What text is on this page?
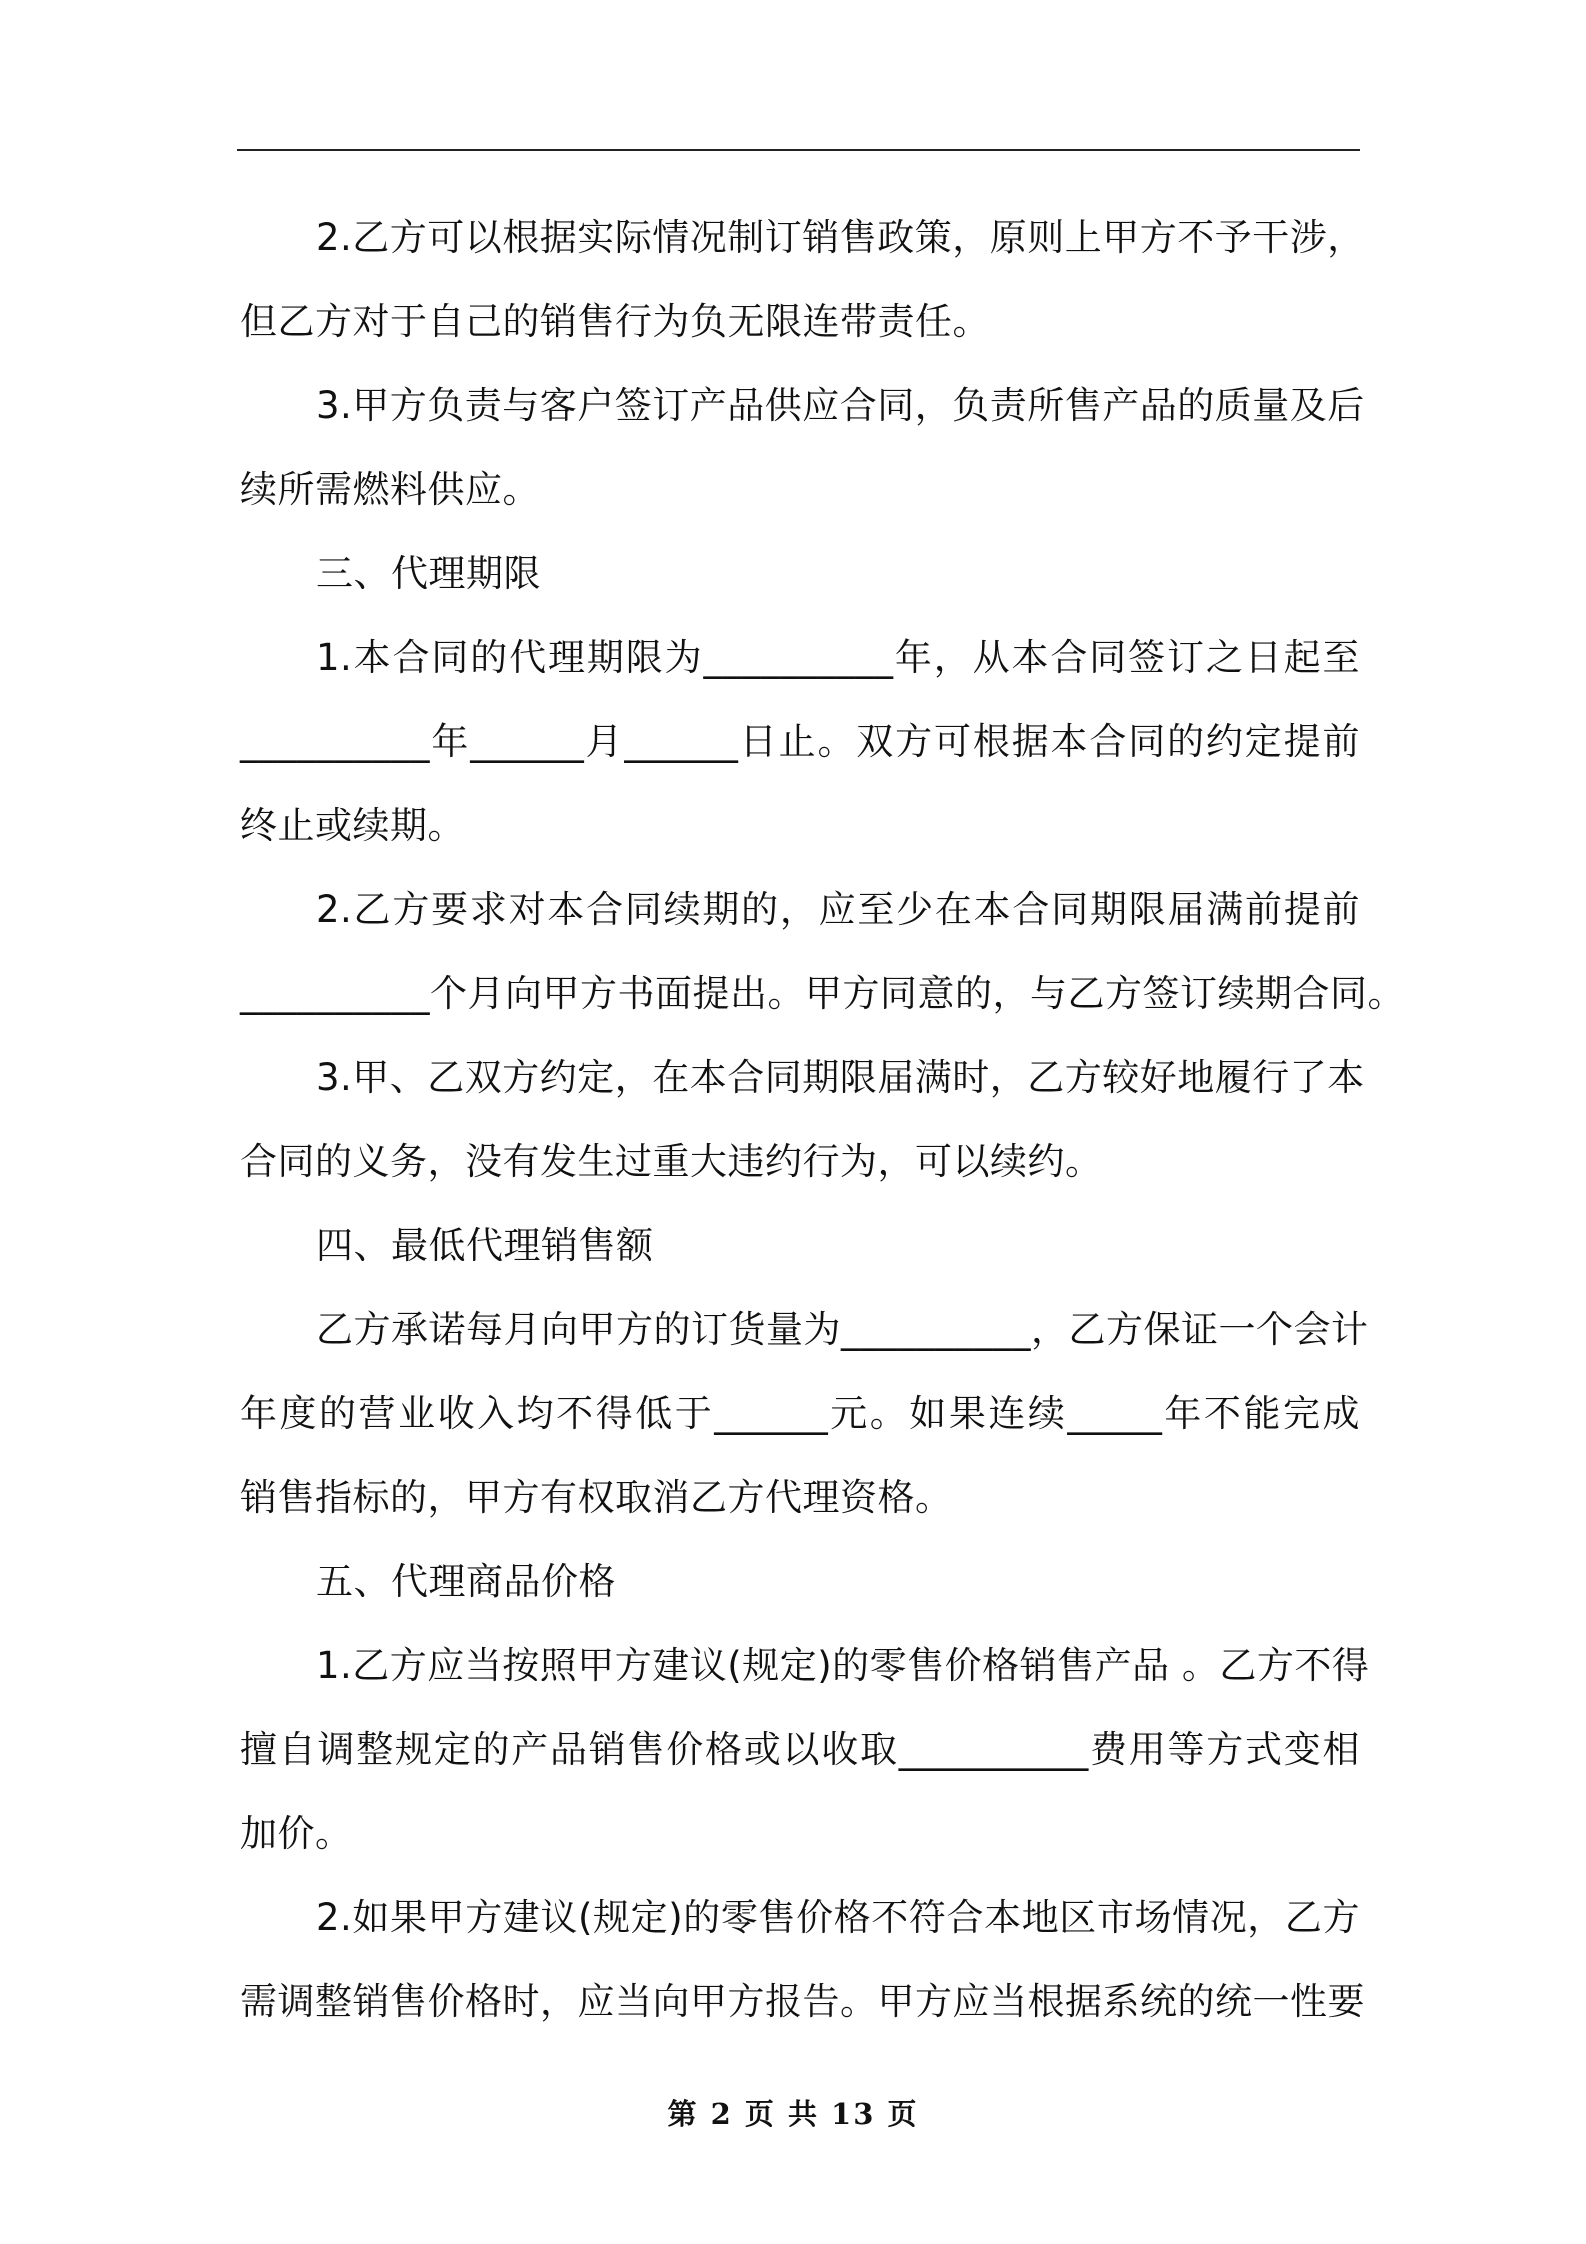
2.乙方可以根据实际情况制订销售政策，原则上甲方不予干涉，
但乙方对于自己的销售行为负无限连带责任。
3.甲方负责与客户签订产品供应合同，负责所售产品的质量及后
续所需燃料供应。
三、代理期限
1.本合同的代理期限为__________年，从本合同签订之日起至
__________年______月______日止。双方可根据本合同的约定提前
终止或续期。
2.乙方要求对本合同续期的，应至少在本合同期限届满前提前
__________个月向甲方书面提出。甲方同意的，与乙方签订续期合同。
3.甲、乙双方约定，在本合同期限届满时，乙方较好地履行了本
合同的义务，没有发生过重大违约行为，可以续约。
四、最低代理销售额
乙方承诺每月向甲方的订货量为__________，乙方保证一个会计
年度的营业收入均不得低于______元。如果连续_____年不能完成
销售指标的，甲方有权取消乙方代理资格。
五、代理商品价格
1.乙方应当按照甲方建议(规定)的零售价格销售产品 。乙方不得
擅自调整规定的产品销售价格或以收取__________费用等方式变相
加价。
2.如果甲方建议(规定)的零售价格不符合本地区市场情况，乙方
需调整销售价格时，应当向甲方报告。甲方应当根据系统的统一性要
第 2 页 共 13 页
